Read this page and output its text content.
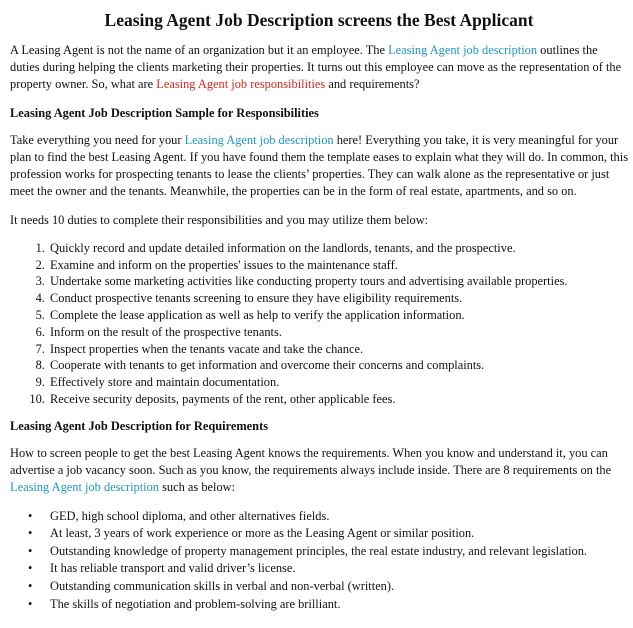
Leasing Agent Job Description screens the Best Applicant

A Leasing Agent is not the name of an organization but it an employee. The Leasing Agent job description outlines the duties during helping the clients marketing their properties. It turns out this employee can move as the representation of the property owner. So, what are Leasing Agent job responsibilities and requirements?

Leasing Agent Job Description Sample for Responsibilities

Take everything you need for your Leasing Agent job description here! Everything you take, it is very meaningful for your plan to find the best Leasing Agent. If you have found them the template eases to explain what they will do. In common, this profession works for prospecting tenants to lease the clients’ properties. They can walk alone as the representative or just meet the owner and the tenants. Meanwhile, the properties can be in the form of real estate, apartments, and so on.

It needs 10 duties to complete their responsibilities and you may utilize them below:

1. Quickly record and update detailed information on the landlords, tenants, and the prospective.
2. Examine and inform on the properties' issues to the maintenance staff.
3. Undertake some marketing activities like conducting property tours and advertising available properties.
4. Conduct prospective tenants screening to ensure they have eligibility requirements.
5. Complete the lease application as well as help to verify the application information.
6. Inform on the result of the prospective tenants.
7. Inspect properties when the tenants vacate and take the chance.
8. Cooperate with tenants to get information and overcome their concerns and complaints.
9. Effectively store and maintain documentation.
10. Receive security deposits, payments of the rent, other applicable fees.
Leasing Agent Job Description for Requirements

How to screen people to get the best Leasing Agent knows the requirements. When you know and understand it, you can advertise a job vacancy soon. Such as you know, the requirements always include inside. There are 8 requirements on the Leasing Agent job description such as below:

• GED, high school diploma, and other alternatives fields.
• At least, 3 years of work experience or more as the Leasing Agent or similar position.
• Outstanding knowledge of property management principles, the real estate industry, and relevant legislation.
• It has reliable transport and valid driver’s license.
• Outstanding communication skills in verbal and non-verbal (written).
• The skills of negotiation and problem-solving are brilliant.
